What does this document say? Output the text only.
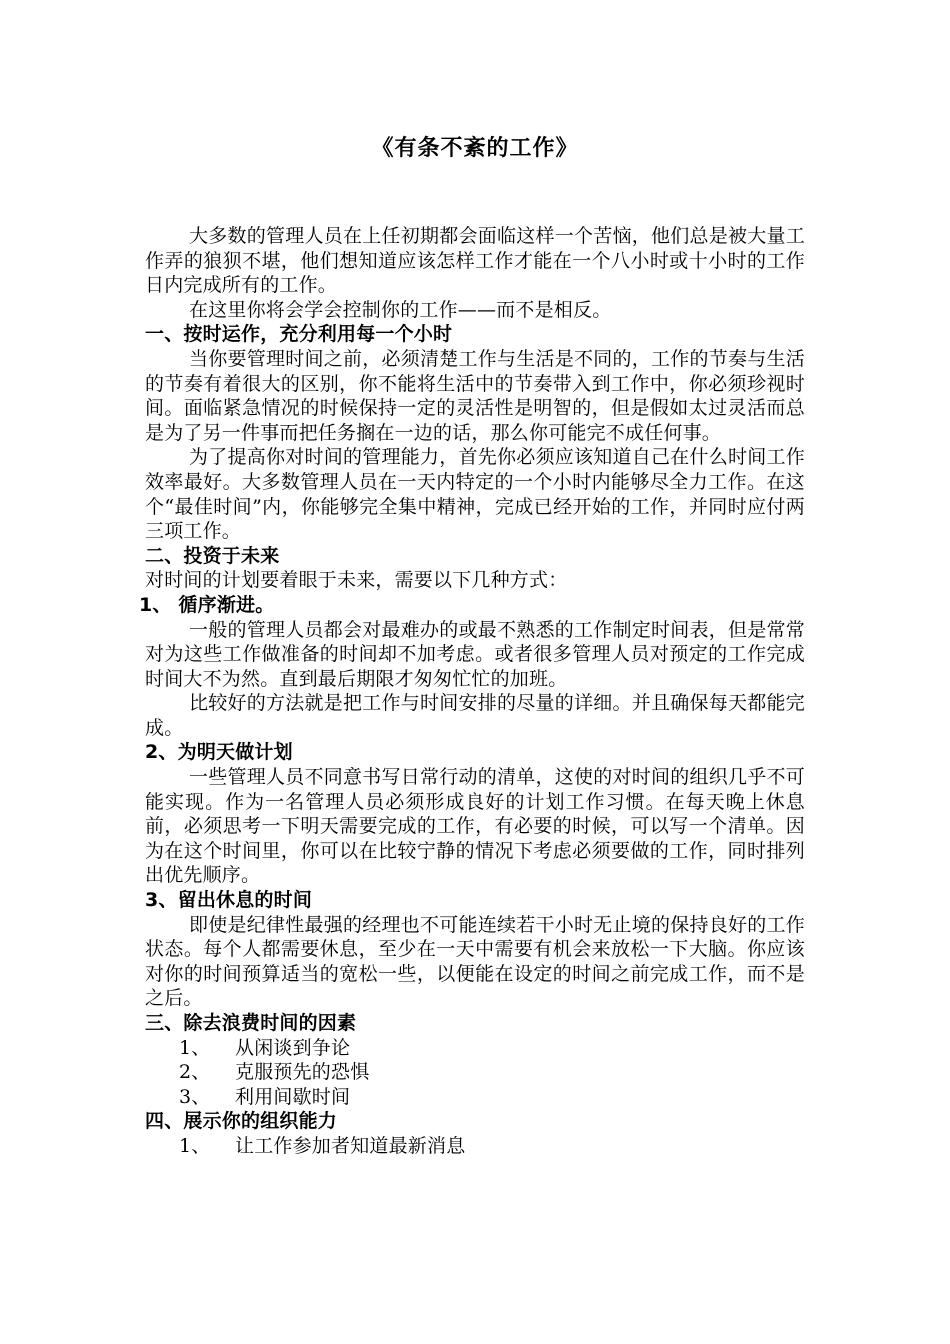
《有条不紊的工作》

大多数的管理人员在上任初期都会面临这样一个苦恼，他们总是被大量工作弄的狼狈不堪，他们想知道应该怎样工作才能在一个八小时或十小时的工作日内完成所有的工作。

在这里你将会学会控制你的工作——而不是相反。

一、按时运作，充分利用每一个小时

当你要管理时间之前，必须清楚工作与生活是不同的，工作的节奏与生活的节奏有着很大的区别，你不能将生活中的节奏带入到工作中，你必须珍视时间。面临紧急情况的时候保持一定的灵活性是明智的，但是假如太过灵活而总是为了另一件事而把任务搁在一边的话，那么你可能完不成任何事。

为了提高你对时间的管理能力，首先你必须应该知道自己在什么时间工作效率最好。大多数管理人员在一天内特定的一个小时内能够尽全力工作。在这个“最佳时间”内，你能够完全集中精神，完成已经开始的工作，并同时应付两三项工作。

二、投资于未来

对时间的计划要着眼于未来，需要以下几种方式：

1、 循序渐进。

一般的管理人员都会对最难办的或最不熟悉的工作制定时间表，但是常常对为这些工作做准备的时间却不加考虑。或者很多管理人员对预定的工作完成时间大不为然。直到最后期限才匆匆忙忙的加班。

比较好的方法就是把工作与时间安排的尽量的详细。并且确保每天都能完成。

2、为明天做计划

一些管理人员不同意书写日常行动的清单，这使的对时间的组织几乎不可能实现。作为一名管理人员必须形成良好的计划工作习惯。在每天晚上休息前，必须思考一下明天需要完成的工作，有必要的时候，可以写一个清单。因为在这个时间里，你可以在比较宁静的情况下考虑必须要做的工作，同时排列出优先顺序。

3、留出休息的时间

即使是纪律性最强的经理也不可能连续若干小时无止境的保持良好的工作状态。每个人都需要休息，至少在一天中需要有机会来放松一下大脑。你应该对你的时间预算适当的宽松一些，以便能在设定的时间之前完成工作，而不是之后。

三、除去浪费时间的因素

1、	从闲谈到争论
2、	克服预先的恐惧
3、	利用间歇时间

四、展示你的组织能力

1、	让工作参加者知道最新消息
